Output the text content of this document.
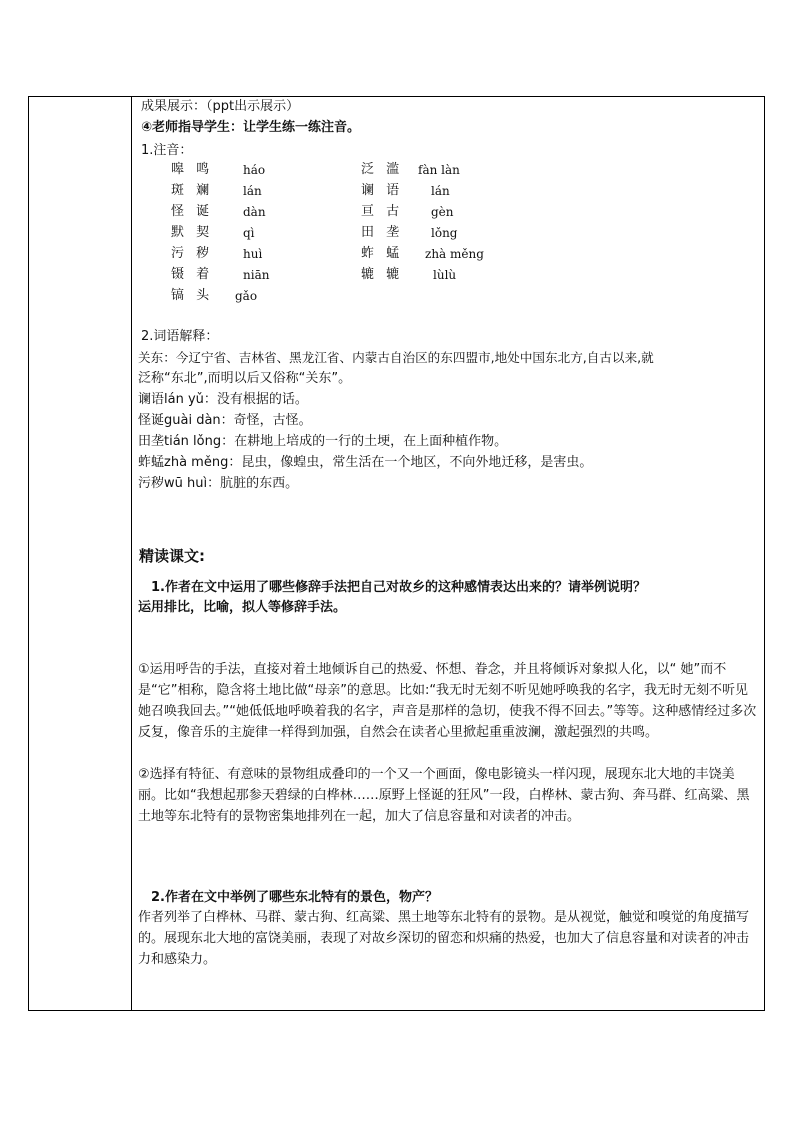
成果展示：（ppt出示展示）
④老师指导学生：让学生练一练注音。
1.注音：
嗥 鸣 háo
斑 斓 lán
怪 诞 dàn
默 契 qì
污 秽 huì
镊 着 niān
镐 头 gǎo
泛 滥 fàn làn
谰 语 lán
亘 古 gèn
田 垄 lǒng
蚱 蜢 zhà měng
辘 辘 lùlù
2.词语解释：
关东：今辽宁省、吉林省、黑龙江省、内蒙古自治区的东四盟市,地处中国东北方,自古以来,就
泛称“东北”,而明以后又俗称“关东”。
谰语lán yǔ：没有根据的话。
怪诞guài dàn：奇怪，古怪。
田垄tián lǒng：在耕地上培成的一行的土埂，在上面种植作物。
蚱蜢zhà měng：昆虫，像蝗虫，常生活在一个地区，不向外地迁移，是害虫。
污秽wū huì：肮脏的东西。
精读课文:
1.作者在文中运用了哪些修辞手法把自己对故乡的这种感情表达出来的？请举例说明？
运用排比，比喻，拟人等修辞手法。
①运用呼告的手法，直接对着土地倾诉自己的热爱、怀想、眷念，并且将倾诉对象拟人化，以“ 她”而不是“它”相称，隐含将土地比做“母亲”的意思。比如:“我无时无刻不听见她呼唤我的名字，我无时无刻不听见她召唤我回去。”“她低低地呼唤着我的名字，声音是那样的急切，使我不得不回去。”等等。这种感情经过多次反复，像音乐的主旋律一样得到加强，自然会在读者心里掀起重重波澜，激起强烈的共鸣。
②选择有特征、有意味的景物组成叠印的一个又一个画面，像电影镜头一样闪现，展现东北大地的丰饶美丽。比如“我想起那参天碧绿的白桦林……原野上怪诞的狂风”一段，白桦林、蒙古狗、奔马群、红高粱、黑土地等东北特有的景物密集地排列在一起，加大了信息容量和对读者的冲击。
2.作者在文中举例了哪些东北特有的景色，物产？
作者列举了白桦林、马群、蒙古狗、红高粱、黑土地等东北特有的景物。是从视觉，触觉和嗅觉的角度描写的。展现东北大地的富饶美丽，表现了对故乡深切的留恋和炽痛的热爱，也加大了信息容量和对读者的冲击力和感染力。
